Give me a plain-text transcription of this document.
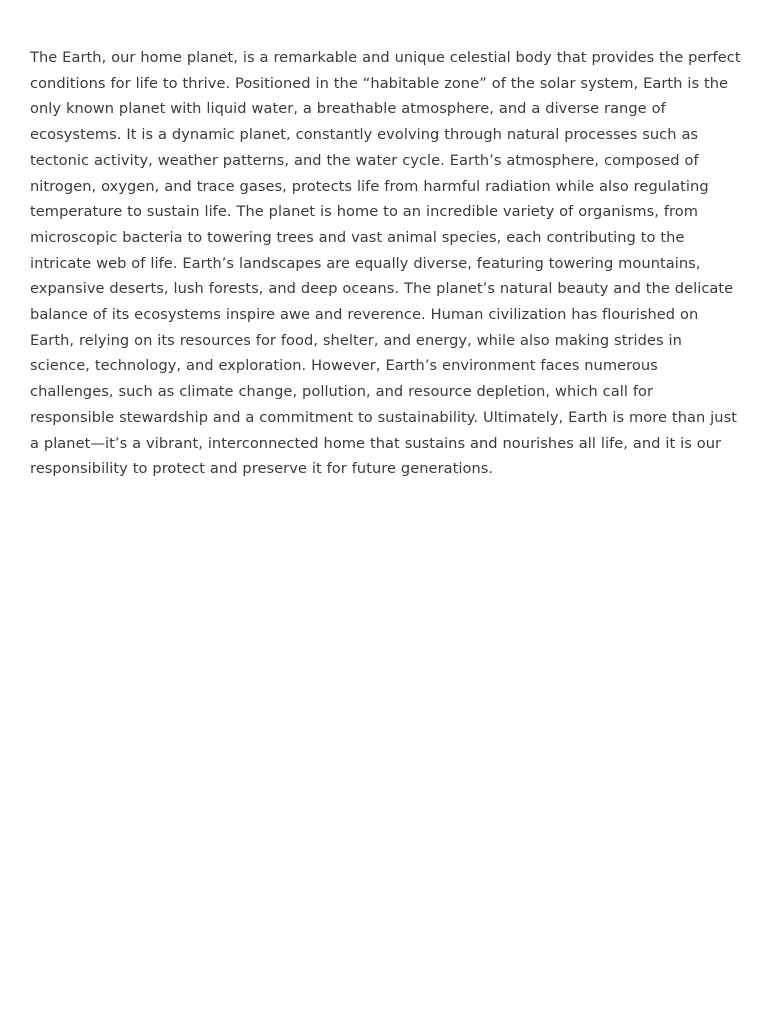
The Earth, our home planet, is a remarkable and unique celestial body that provides the perfect conditions for life to thrive. Positioned in the “habitable zone” of the solar system, Earth is the only known planet with liquid water, a breathable atmosphere, and a diverse range of ecosystems. It is a dynamic planet, constantly evolving through natural processes such as tectonic activity, weather patterns, and the water cycle. Earth’s atmosphere, composed of nitrogen, oxygen, and trace gases, protects life from harmful radiation while also regulating temperature to sustain life. The planet is home to an incredible variety of organisms, from microscopic bacteria to towering trees and vast animal species, each contributing to the intricate web of life. Earth’s landscapes are equally diverse, featuring towering mountains, expansive deserts, lush forests, and deep oceans. The planet’s natural beauty and the delicate balance of its ecosystems inspire awe and reverence. Human civilization has flourished on Earth, relying on its resources for food, shelter, and energy, while also making strides in science, technology, and exploration. However, Earth’s environment faces numerous challenges, such as climate change, pollution, and resource depletion, which call for responsible stewardship and a commitment to sustainability. Ultimately, Earth is more than just a planet—it’s a vibrant, interconnected home that sustains and nourishes all life, and it is our responsibility to protect and preserve it for future generations.
